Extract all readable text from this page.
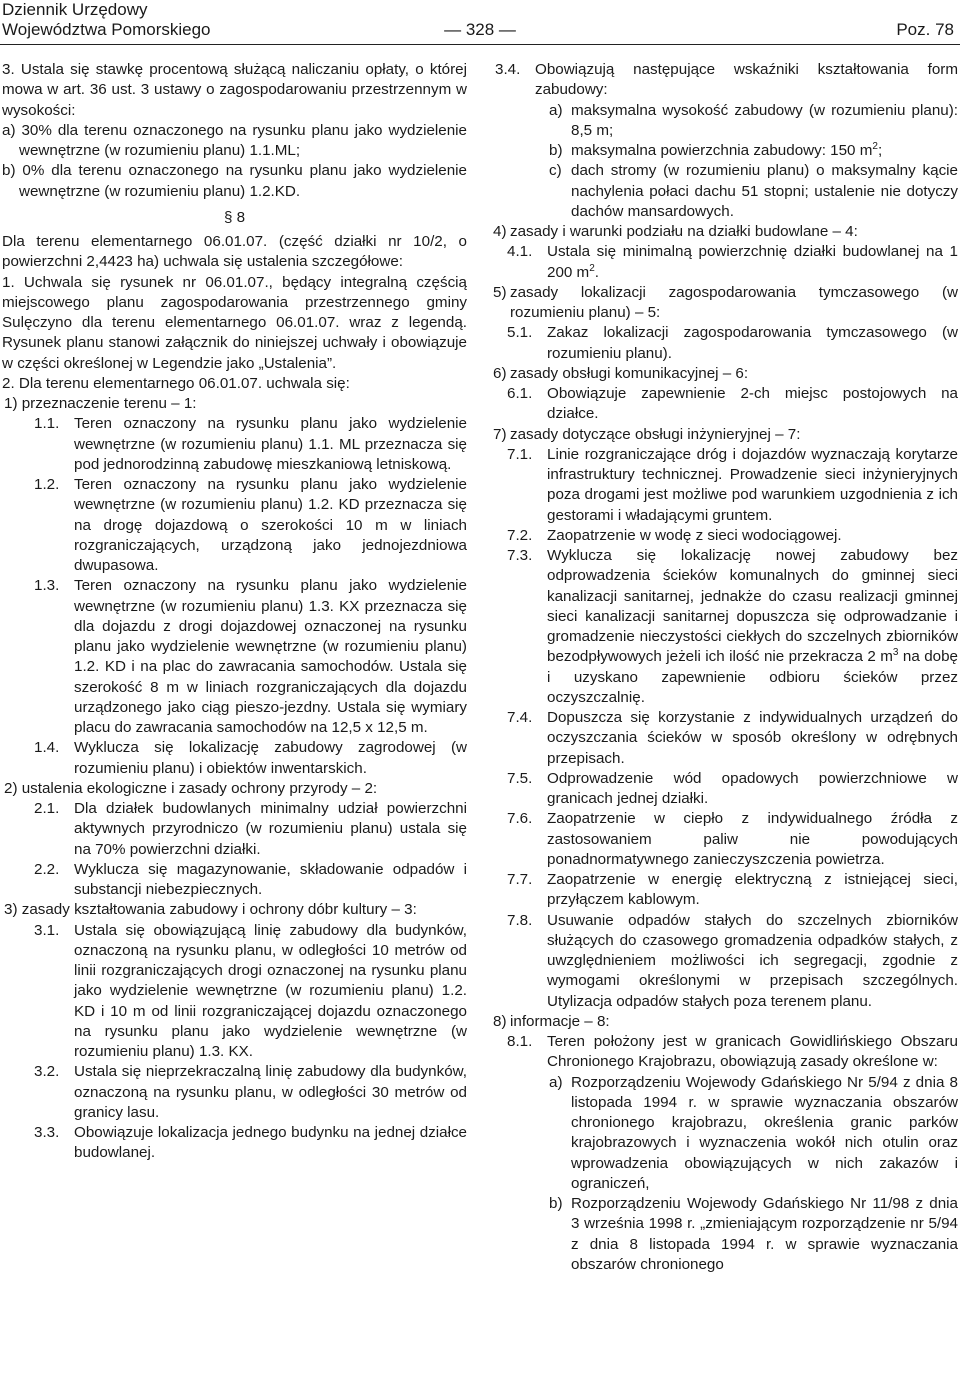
Dziennik Urzędowy
Województwa Pomorskiego	— 328 —	Poz. 78

3. Ustala się stawkę procentową służącą naliczaniu opłaty, o której mowa w art. 36 ust. 3 ustawy o zagospodarowaniu przestrzennym w wysokości:

a) 30% dla terenu oznaczonego na rysunku planu jako wydzielenie wewnętrzne (w rozumieniu planu) 1.1.ML;

b) 0% dla terenu oznaczonego na rysunku planu jako wydzielenie wewnętrzne (w rozumieniu planu) 1.2.KD.

§ 8

Dla terenu elementarnego 06.01.07. (część działki nr 10/2, o powierzchni 2,4423 ha) uchwala się ustalenia szczegółowe:

1. Uchwala się rysunek nr 06.01.07., będący integralną częścią miejscowego planu zagospodarowania przestrzennego gminy Sulęczyno dla terenu elementarnego 06.01.07. wraz z legendą. Rysunek planu stanowi załącznik do niniejszej uchwały i obowiązuje w części określonej w Legendzie jako „Ustalenia”.

2. Dla terenu elementarnego 06.01.07. uchwala się:

1) przeznaczenie terenu – 1:

1.1. Teren oznaczony na rysunku planu jako wydzielenie wewnętrzne (w rozumieniu planu) 1.1. ML przeznacza się pod jednorodzinną zabudowę mieszkaniową letniskową.
1.2. Teren oznaczony na rysunku planu jako wydzielenie wewnętrzne (w rozumieniu planu) 1.2. KD przeznacza się na drogę dojazdową o szerokości 10 m w liniach rozgraniczających, urządzoną jako jednojezdniowa dwupasowa.
1.3. Teren oznaczony na rysunku planu jako wydzielenie wewnętrzne (w rozumieniu planu) 1.3. KX przeznacza się dla dojazdu z drogi dojazdowej oznaczonej na rysunku planu jako wydzielenie wewnętrzne (w rozumieniu planu) 1.2. KD i na plac do zawracania samochodów. Ustala się szerokość 8 m w liniach rozgraniczających dla dojazdu urządzonego jako ciąg pieszo-jezdny. Ustala się wymiary placu do zawracania samochodów na 12,5 x 12,5 m.
1.4. Wyklucza się lokalizację zabudowy zagrodowej (w rozumieniu planu) i obiektów inwentarskich.

2) ustalenia ekologiczne i zasady ochrony przyrody – 2:

2.1. Dla działek budowlanych minimalny udział powierzchni aktywnych przyrodniczo (w rozumieniu planu) ustala się na 70% powierzchni działki.
2.2. Wyklucza się magazynowanie, składowanie odpadów i substancji niebezpiecznych.

3) zasady kształtowania zabudowy i ochrony dóbr kultury – 3:

3.1. Ustala się obowiązującą linię zabudowy dla budynków, oznaczoną na rysunku planu, w odległości 10 metrów od linii rozgraniczających drogi oznaczonej na rysunku planu jako wydzielenie wewnętrzne (w rozumieniu planu) 1.2. KD i 10 m od linii rozgraniczającej dojazdu oznaczonego na rysunku planu jako wydzielenie wewnętrzne (w rozumieniu planu) 1.3. KX.
3.2. Ustala się nieprzekraczalną linię zabudowy dla budynków, oznaczoną na rysunku planu, w odległości 30 metrów od granicy lasu.
3.3. Obowiązuje lokalizacja jednego budynku na jednej działce budowlanej.
3.4. Obowiązują następujące wskaźniki kształtowania form zabudowy:
a) maksymalna wysokość zabudowy (w rozumieniu planu): 8,5 m;
b) maksymalna powierzchnia zabudowy: 150 $m^2$;
c) dach stromy (w rozumieniu planu) o maksymalny kącie nachylenia połaci dachu 51 stopni; ustalenie nie dotyczy dachów mansardowych.
4) zasady i warunki podziału na działki budowlane – 4:
4.1. Ustala się minimalną powierzchnię działki budowlanej na 1 200 $m^2$.
5) zasady lokalizacji zagospodarowania tymczasowego (w rozumieniu planu) – 5:
5.1. Zakaz lokalizacji zagospodarowania tymczasowego (w rozumieniu planu).
6) zasady obsługi komunikacyjnej – 6:
6.1. Obowiązuje zapewnienie 2-ch miejsc postojowych na działce.
7) zasady dotyczące obsługi inżynieryjnej – 7:
7.1. Linie rozgraniczające dróg i dojazdów wyznaczają korytarze infrastruktury technicznej. Prowadzenie sieci inżynieryjnych poza drogami jest możliwe pod warunkiem uzgodnienia z ich gestorami i władającymi gruntem.
7.2. Zaopatrzenie w wodę z sieci wodociągowej.
7.3. Wyklucza się lokalizację nowej zabudowy bez odprowadzenia ścieków komunalnych do gminnej sieci kanalizacji sanitarnej, jednakże do czasu realizacji gminnej sieci kanalizacji sanitarnej dopuszcza się odprowadzanie i gromadzenie nieczystości ciekłych do szczelnych zbiorników bezodpływowych jeżeli ich ilość nie przekracza 2 $m^3$ na dobę i uzyskano zapewnienie odbioru ścieków przez oczyszczalnię.
7.4. Dopuszcza się korzystanie z indywidualnych urządzeń do oczyszczania ścieków w sposób określony w odrębnych przepisach.
7.5. Odprowadzenie wód opadowych powierzchniowe w granicach jednej działki.
7.6. Zaopatrzenie w ciepło z indywidualnego źródła z zastosowaniem paliw nie powodujących ponadnormatywnego zanieczyszczenia powietrza.
7.7. Zaopatrzenie w energię elektryczną z istniejącej sieci, przyłączem kablowym.
7.8. Usuwanie odpadów stałych do szczelnych zbiorników służących do czasowego gromadzenia odpadków stałych, z uwzględnieniem możliwości ich segregacji, zgodnie z wymogami określonymi w przepisach szczególnych. Utylizacja odpadów stałych poza terenem planu.
8) informacje – 8:
8.1. Teren położony jest w granicach Gowidlińskiego Obszaru Chronionego Krajobrazu, obowiązują zasady określone w:
a) Rozporządzeniu Wojewody Gdańskiego Nr 5/94 z dnia 8 listopada 1994 r. w sprawie wyznaczania obszarów chronionego krajobrazu, określenia granic parków krajobrazowych i wyznaczenia wokół nich otulin oraz wprowadzenia obowiązujących w nich zakazów i ograniczeń,
b) Rozporządzeniu Wojewody Gdańskiego Nr 11/98 z dnia 3 września 1998 r. „zmieniającym rozporządzenie nr 5/94 z dnia 8 listopada 1994 r. w sprawie wyznaczania obszarów chronionego
